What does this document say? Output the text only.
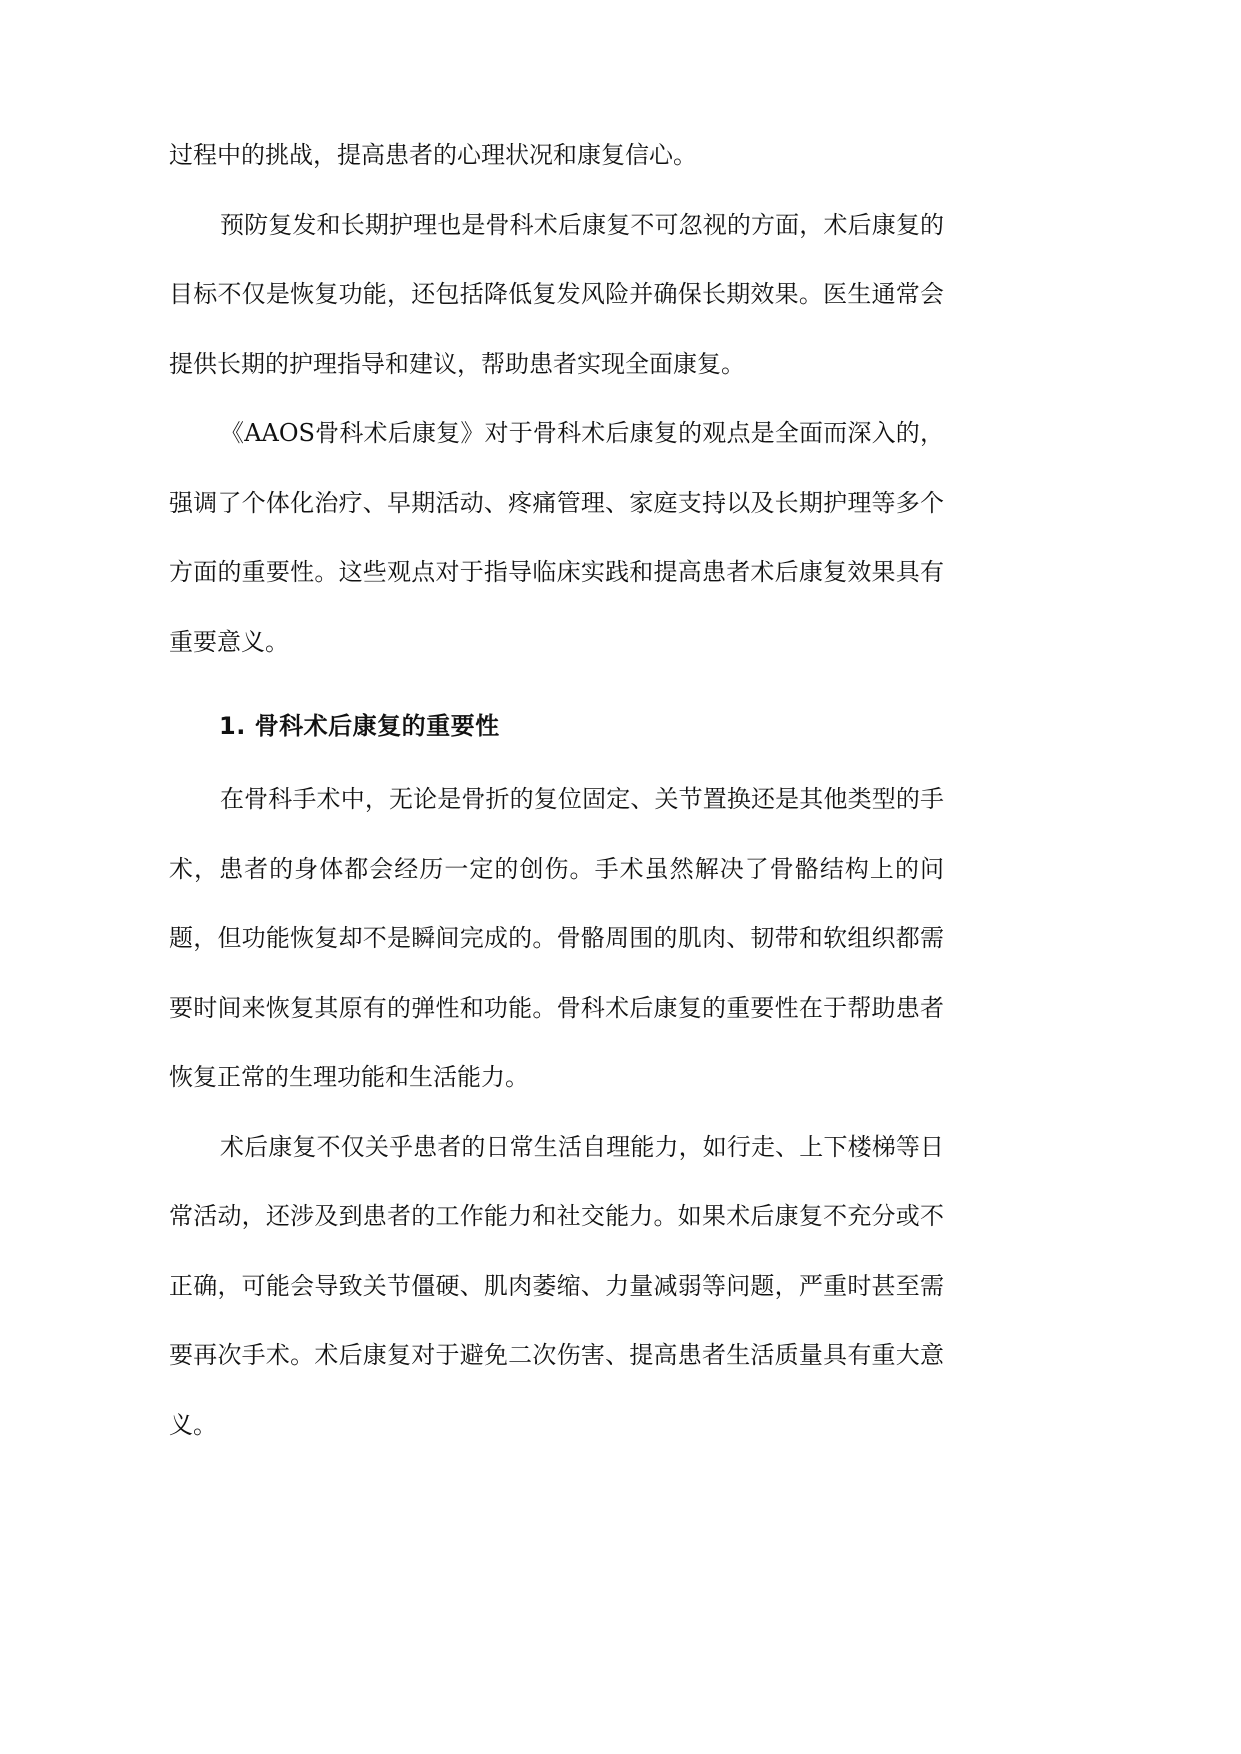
过程中的挑战，提高患者的心理状况和康复信心。

预防复发和长期护理也是骨科术后康复不可忽视的方面，术后康复的目标不仅是恢复功能，还包括降低复发风险并确保长期效果。医生通常会提供长期的护理指导和建议，帮助患者实现全面康复。

《AAOS骨科术后康复》对于骨科术后康复的观点是全面而深入的，强调了个体化治疗、早期活动、疼痛管理、家庭支持以及长期护理等多个方面的重要性。这些观点对于指导临床实践和提高患者术后康复效果具有重要意义。

1. 骨科术后康复的重要性

在骨科手术中，无论是骨折的复位固定、关节置换还是其他类型的手术，患者的身体都会经历一定的创伤。手术虽然解决了骨骼结构上的问题，但功能恢复却不是瞬间完成的。骨骼周围的肌肉、韧带和软组织都需要时间来恢复其原有的弹性和功能。骨科术后康复的重要性在于帮助患者恢复正常的生理功能和生活能力。

术后康复不仅关乎患者的日常生活自理能力，如行走、上下楼梯等日常活动，还涉及到患者的工作能力和社交能力。如果术后康复不充分或不正确，可能会导致关节僵硬、肌肉萎缩、力量减弱等问题，严重时甚至需要再次手术。术后康复对于避免二次伤害、提高患者生活质量具有重大意义。
